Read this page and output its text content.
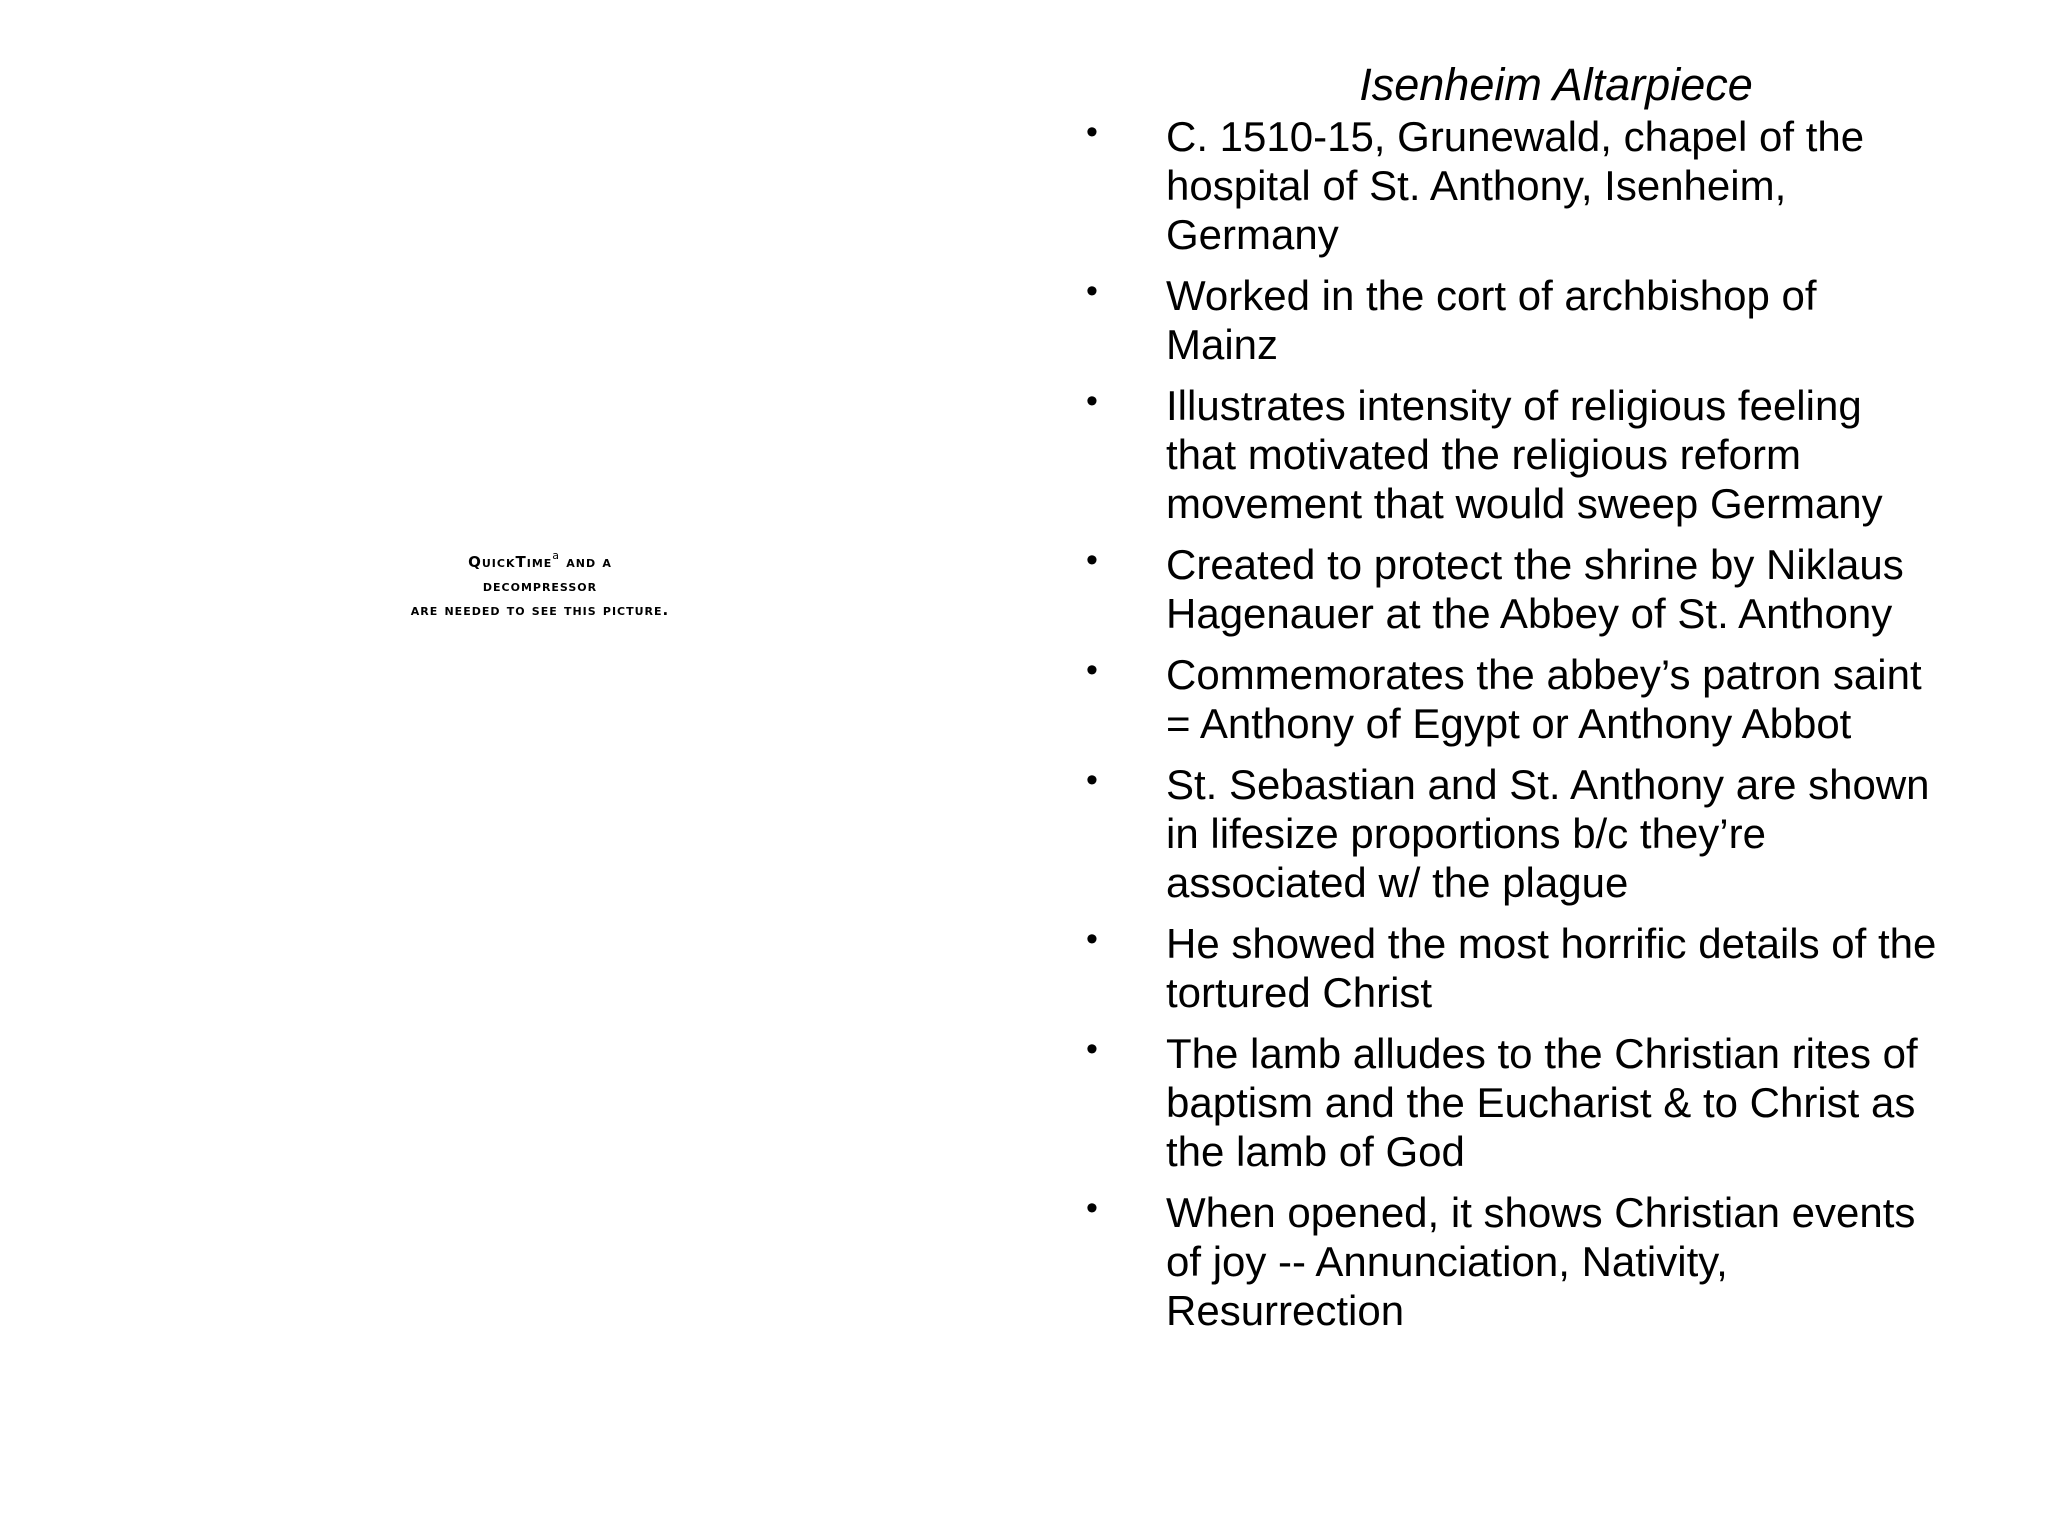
QuickTime$^a$ and a
decompressor
are needed to see this picture.
Isenheim Altarpiece
•	C. 1510-15, Grunewald, chapel of the
hospital of St. Anthony, Isenheim,
Germany
•	Worked in the cort of archbishop of
Mainz
•	Illustrates intensity of religious feeling
that motivated the religious reform
movement that would sweep Germany
•	Created to protect the shrine by Niklaus
Hagenauer at the Abbey of St. Anthony
•	Commemorates the abbey’s patron saint
= Anthony of Egypt or Anthony Abbot
•	St. Sebastian and St. Anthony are shown
in lifesize proportions b/c they’re
associated w/ the plague
•	He showed the most horrific details of the
tortured Christ
•	The lamb alludes to the Christian rites of
baptism and the Eucharist & to Christ as
the lamb of God
•	When opened, it shows Christian events
of joy -- Annunciation, Nativity,
Resurrection
